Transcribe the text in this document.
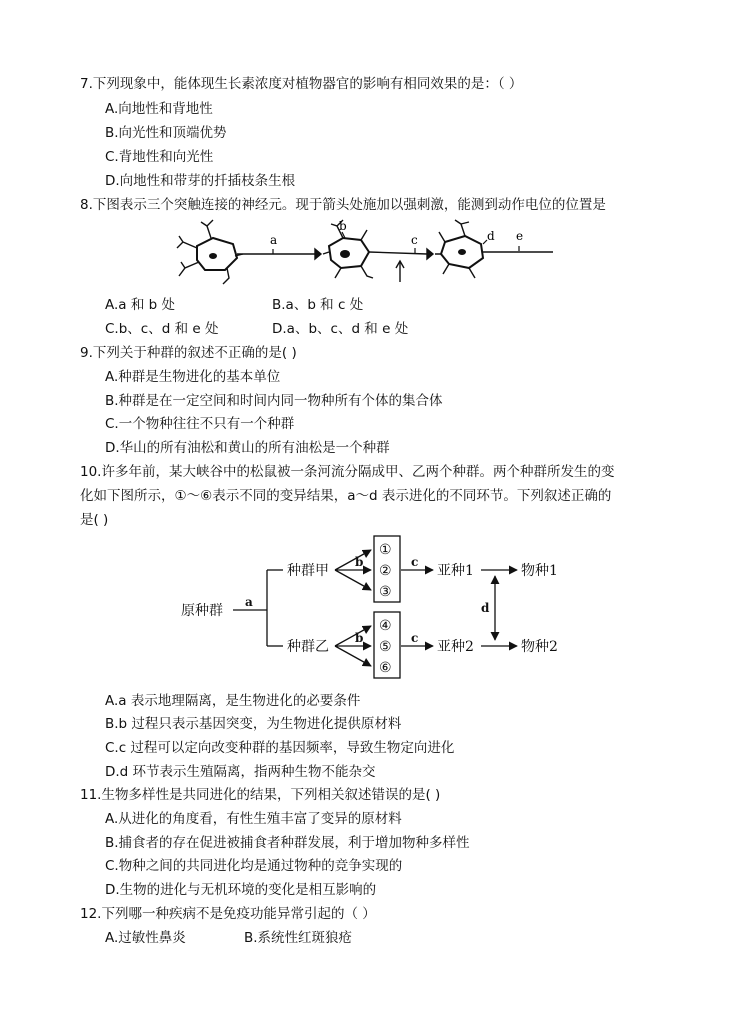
7.下列现象中，能体现生长素浓度对植物器官的影响有相同效果的是：（ ）
A.向地性和背地性
B.向光性和顶端优势
C.背地性和向光性
D.向地性和带芽的扦插枝条生根
8.下图表示三个突触连接的神经元。现于箭头处施加以强刺激，能测到动作电位的位置是
a
b
c	d e
A.a 和 b 处	B.a、b 和 c 处
C.b、c、d 和 e 处	D.a、b、c、d 和 e 处
9.下列关于种群的叙述不正确的是( )
A.种群是生物进化的基本单位
B.种群是在一定空间和时间内同一物种所有个体的集合体
C.一个物种往往不只有一个种群
D.华山的所有油松和黄山的所有油松是一个种群
10.许多年前，某大峡谷中的松鼠被一条河流分隔成甲、乙两个种群。两个种群所发生的变
化如下图所示，①～⑥表示不同的变异结果，a～d 表示进化的不同环节。下列叙述正确的
是( )
原种群
种群甲
种群乙
①
②
③
④
⑤
⑥
亚种1
亚种2
物种1
物种2
a
b
b
c
c
d
A.a 表示地理隔离，是生物进化的必要条件
B.b 过程只表示基因突变，为生物进化提供原材料
C.c 过程可以定向改变种群的基因频率，导致生物定向进化
D.d 环节表示生殖隔离，指两种生物不能杂交
11.生物多样性是共同进化的结果，下列相关叙述错误的是( )
A.从进化的角度看，有性生殖丰富了变异的原材料
B.捕食者的存在促进被捕食者种群发展，利于增加物种多样性
C.物种之间的共同进化均是通过物种的竞争实现的
D.生物的进化与无机环境的变化是相互影响的
12.下列哪一种疾病不是免疫功能异常引起的（ ）
A.过敏性鼻炎	B.系统性红斑狼疮
